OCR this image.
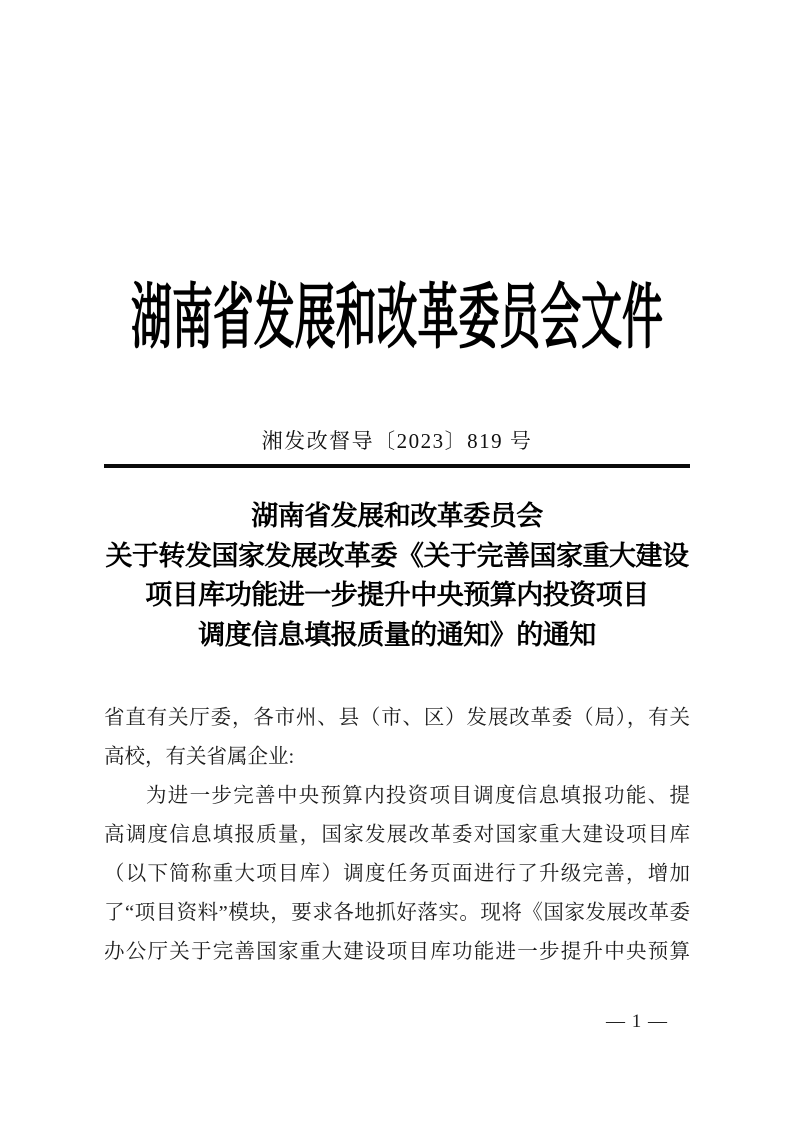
湖南省发展和改革委员会文件
湘发改督导〔2023〕819 号
湖南省发展和改革委员会
关于转发国家发展改革委《关于完善国家重大建设
项目库功能进一步提升中央预算内投资项目
调度信息填报质量的通知》的通知
省直有关厅委，各市州、县（市、区）发展改革委（局），有关
高校，有关省属企业:
为进一步完善中央预算内投资项目调度信息填报功能、提
高调度信息填报质量，国家发展改革委对国家重大建设项目库
（以下简称重大项目库）调度任务页面进行了升级完善，增加
了“项目资料”模块，要求各地抓好落实。现将《国家发展改革委
办公厅关于完善国家重大建设项目库功能进一步提升中央预算
— 1 —
